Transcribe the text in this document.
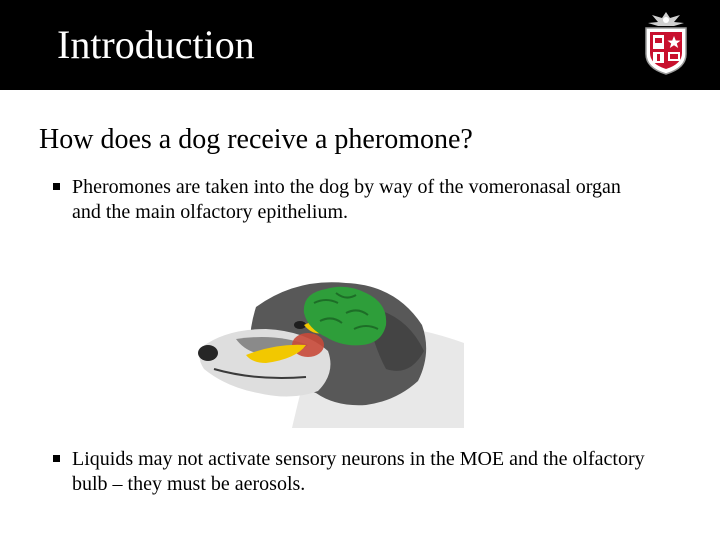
Introduction
How does a dog receive a pheromone?
Pheromones are taken into the dog by way of the vomeronasal organ and the main olfactory epithelium.
Liquids may not activate sensory neurons in the MOE and the olfactory bulb – they must be aerosols.
